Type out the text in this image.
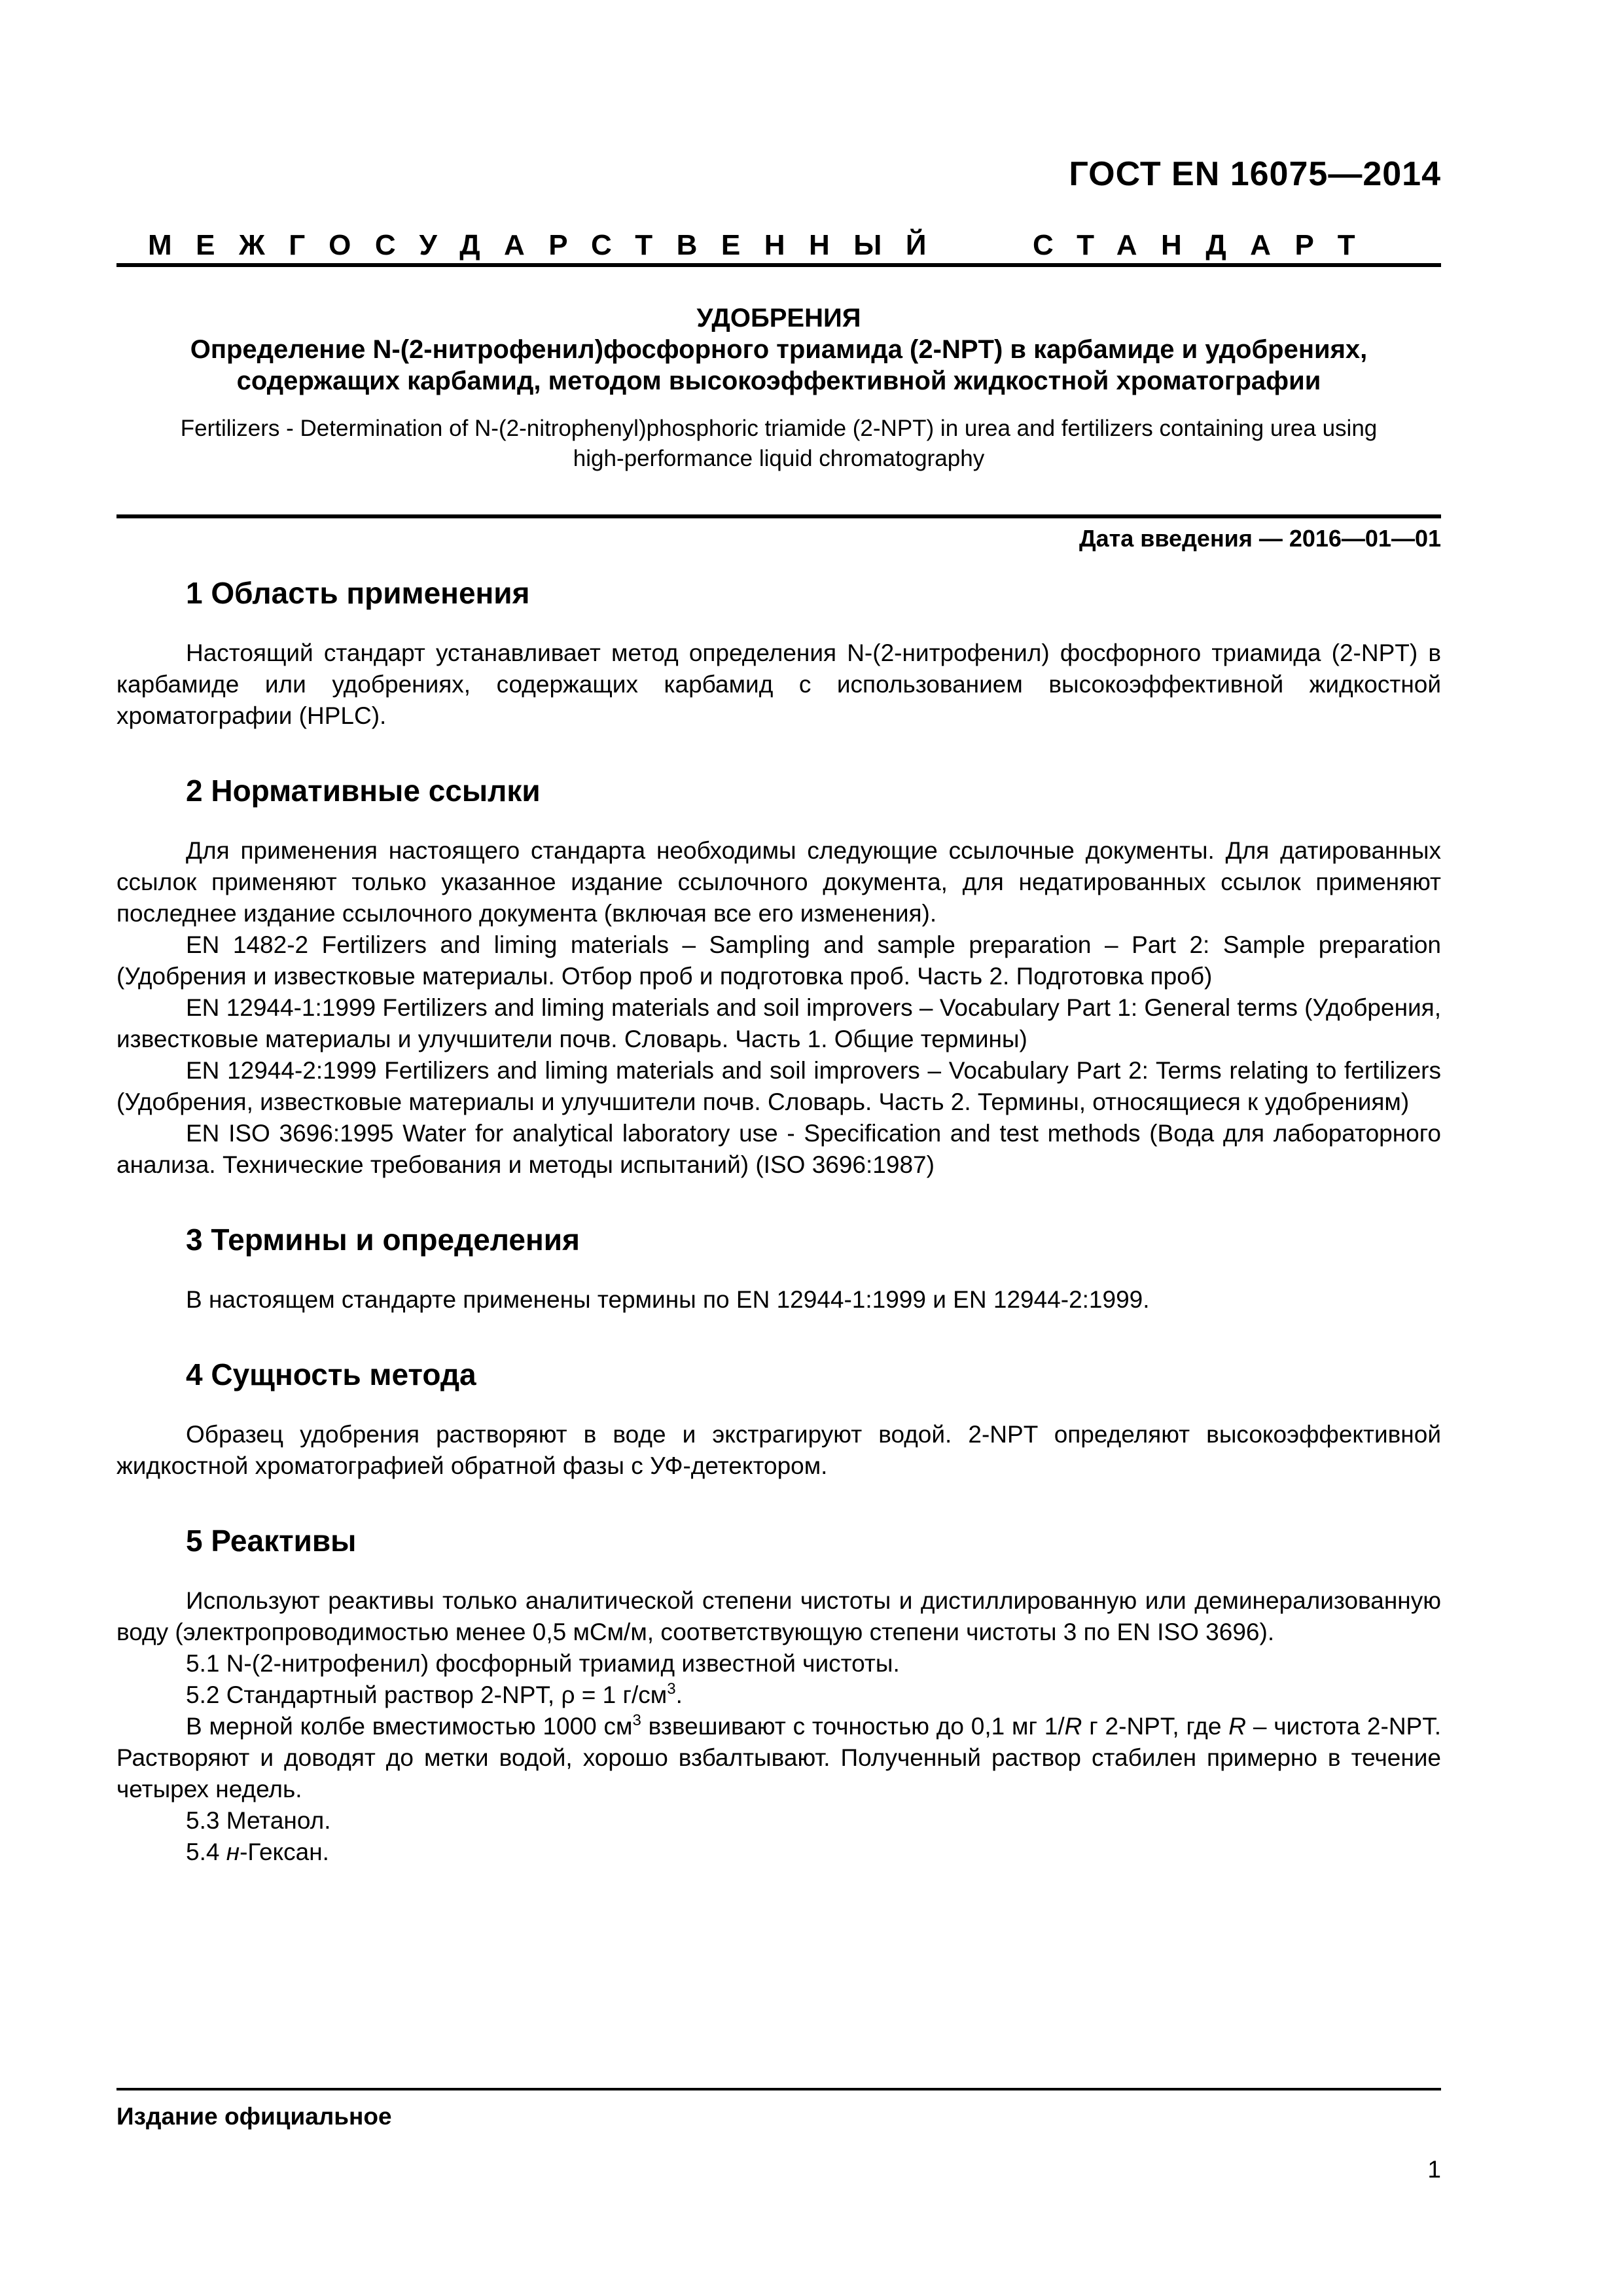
ГОСТ EN 16075—2014
МЕЖГОСУДАРСТВЕННЫЙ	СТАНДАРТ
УДОБРЕНИЯ
Определение N-(2-нитрофенил)фосфорного триамида (2-NPT) в карбамиде и удобрениях,
содержащих карбамид, методом высокоэффективной жидкостной хроматографии
Fertilizers - Determination of N-(2-nitrophenyl)phosphoric triamide (2-NPT) in urea and fertilizers containing urea using
high-performance liquid chromatography
Дата введения — 2016—01—01
1 Область применения

Настоящий стандарт устанавливает метод определения N-(2-нитрофенил) фосфорного триамида (2-NPT) в карбамиде или удобрениях, содержащих карбамид с использованием высокоэффективной жидкостной хроматографии (HPLC).

2 Нормативные ссылки

Для применения настоящего стандарта необходимы следующие ссылочные документы. Для датированных ссылок применяют только указанное издание ссылочного документа, для недатированных ссылок применяют последнее издание ссылочного документа (включая все его изменения).

EN 1482-2 Fertilizers and liming materials – Sampling and sample preparation – Part 2: Sample preparation (Удобрения и известковые материалы. Отбор проб и подготовка проб. Часть 2. Подготовка проб)

EN 12944-1:1999 Fertilizers and liming materials and soil improvers – Vocabulary Part 1: General terms (Удобрения, известковые материалы и улучшители почв. Словарь. Часть 1. Общие термины)

EN 12944-2:1999 Fertilizers and liming materials and soil improvers – Vocabulary Part 2: Terms relating to fertilizers (Удобрения, известковые материалы и улучшители почв. Словарь. Часть 2. Термины, относящиеся к удобрениям)

EN ISO 3696:1995 Water for analytical laboratory use - Specification and test methods (Вода для лабораторного анализа. Технические требования и методы испытаний) (ISO 3696:1987)

3 Термины и определения

В настоящем стандарте применены термины по EN 12944-1:1999 и EN 12944-2:1999.

4 Сущность метода

Образец удобрения растворяют в воде и экстрагируют водой. 2-NPT определяют высокоэффективной жидкостной хроматографией обратной фазы с УФ-детектором.

5 Реактивы

Используют реактивы только аналитической степени чистоты и дистиллированную или деминерализованную воду (электропроводимостью менее 0,5 мСм/м, соответствующую степени чистоты 3 по EN ISO 3696).

5.1 N-(2-нитрофенил) фосфорный триамид известной чистоты.

5.2 Стандартный раствор 2-NPT, ρ = 1 $г/см^3$.

В мерной колбе вместимостью 1000 $см^3$ взвешивают с точностью до 0,1 мг 1/R г 2-NPT, где R – чистота 2-NPT. Растворяют и доводят до метки водой, хорошо взбалтывают. Полученный раствор стабилен примерно в течение четырех недель.

5.3 Метанол.

5.4 н-Гексан.

Издание официальное
1
